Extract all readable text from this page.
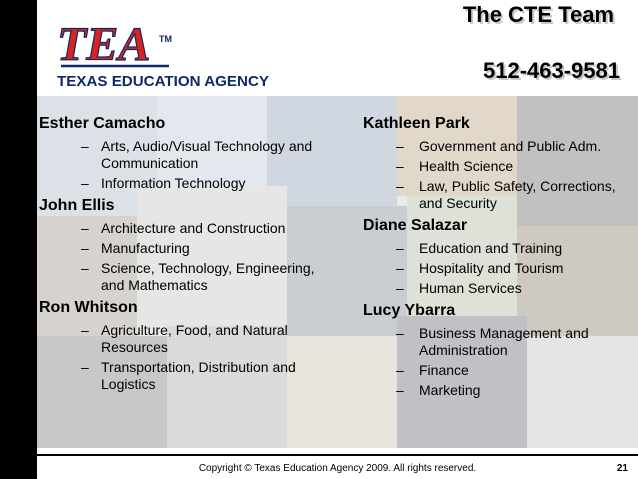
TEA TM
TEXAS EDUCATION AGENCY
The CTE Team
512-463-9581
Esther Camacho
– Arts, Audio/Visual Technology and Communication
– Information Technology
John Ellis
– Architecture and Construction
– Manufacturing
– Science, Technology, Engineering, and Mathematics
Ron Whitson
– Agriculture, Food, and Natural Resources
– Transportation, Distribution and Logistics
Kathleen Park
– Government and Public Adm.
– Health Science
– Law, Public Safety, Corrections, and Security
Diane Salazar
– Education and Training
– Hospitality and Tourism
– Human Services
Lucy Ybarra
– Business Management and Administration
– Finance
– Marketing
Copyright © Texas Education Agency 2009. All rights reserved.	21
